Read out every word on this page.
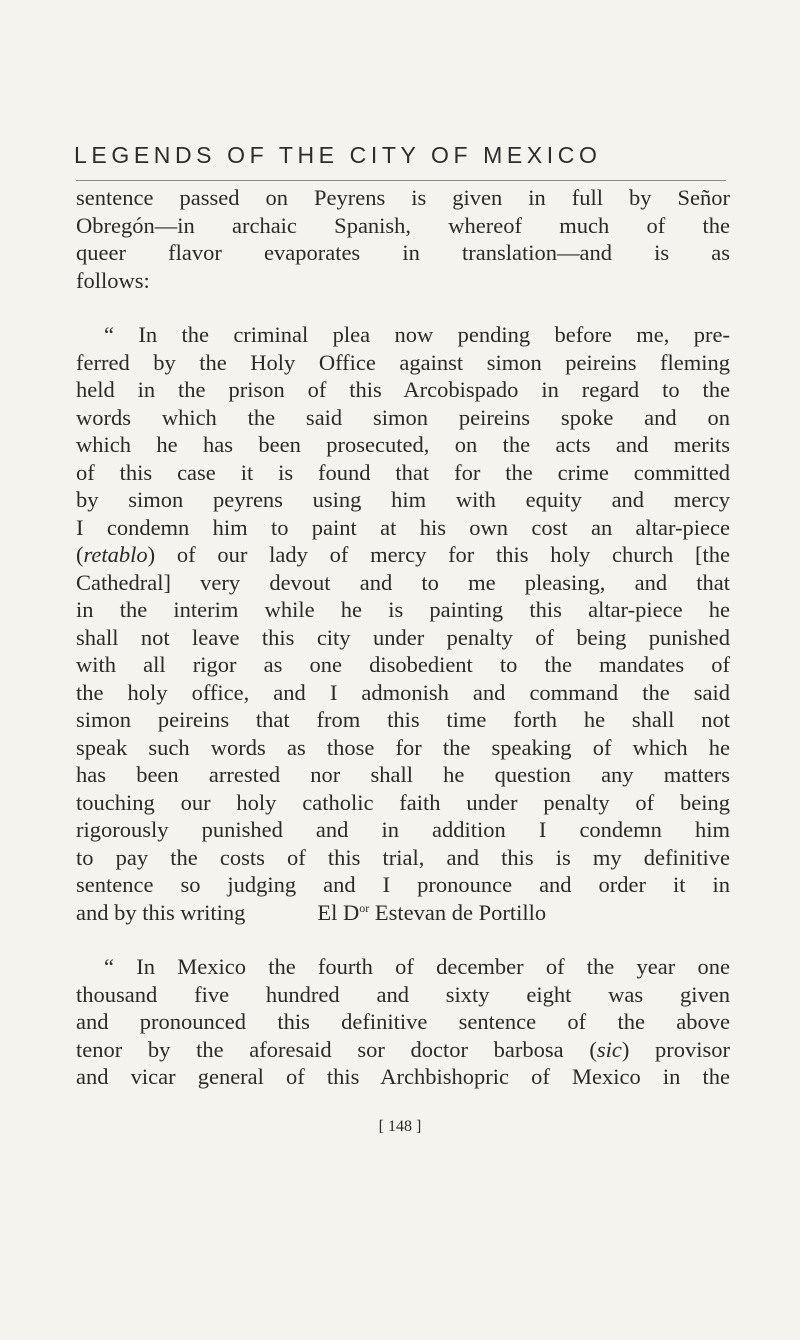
LEGENDS OF THE CITY OF MEXICO

sentence passed on Peyrens is given in full by Señor
Obregón—in archaic Spanish, whereof much of the
queer flavor evaporates in translation—and is as
follows:

“ In the criminal plea now pending before me, pre-
ferred by the Holy Office against simon peireins fleming
held in the prison of this Arcobispado in regard to the
words which the said simon peireins spoke and on
which he has been prosecuted, on the acts and merits
of this case it is found that for the crime committed
by simon peyrens using him with equity and mercy
I condemn him to paint at his own cost an altar-piece
(retablo) of our lady of mercy for this holy church [the
Cathedral] very devout and to me pleasing, and that
in the interim while he is painting this altar-piece he
shall not leave this city under penalty of being punished
with all rigor as one disobedient to the mandates of
the holy office, and I admonish and command the said
simon peireins that from this time forth he shall not
speak such words as those for the speaking of which he
has been arrested nor shall he question any matters
touching our holy catholic faith under penalty of being
rigorously punished and in addition I condemn him
to pay the costs of this trial, and this is my definitive
sentence so judging and I pronounce and order it in
and by this writing	El $D^{or}$ Estevan de Portillo

“ In Mexico the fourth of december of the year one
thousand five hundred and sixty eight was given
and pronounced this definitive sentence of the above
tenor by the aforesaid sor doctor barbosa (sic) provisor
and vicar general of this Archbishopric of Mexico in the

[ 148 ]
